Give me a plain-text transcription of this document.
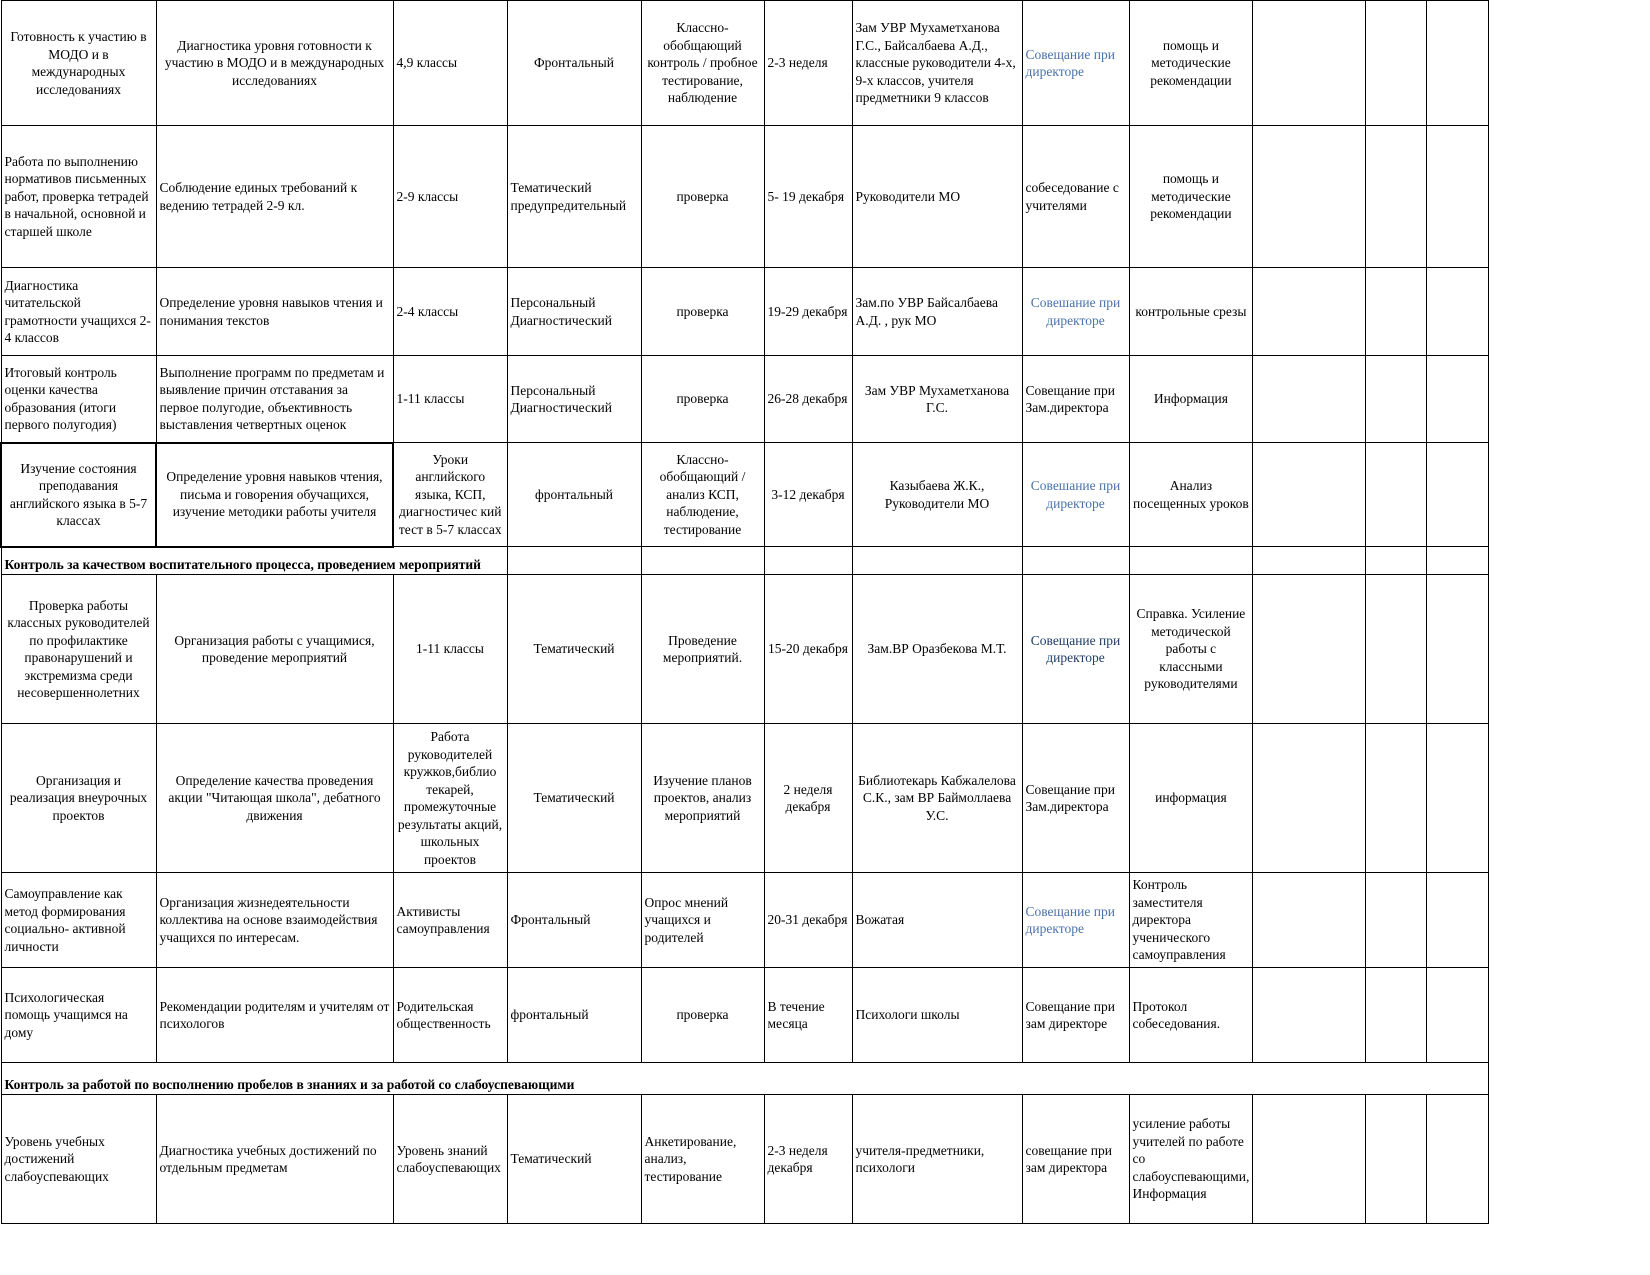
Готовность к участию в МОДО и в международных исследованиях	Диагностика уровня готовности к участию в МОДО и в международных исследованиях	4,9 классы	Фронтальный	Классно-обобщающий контроль / пробное тестирование, наблюдение	2-3 неделя	Зам УВР Мухаметханова Г.С., Байсалбаева А.Д., классные руководители 4-х, 9-х классов, учителя предметники 9 классов	Совещание при директоре	помощь и методические рекомендации			
Работа по выполнению нормативов письменных работ, проверка тетрадей в начальной, основной и старшей школе	Соблюдение единых требований к ведению тетрадей 2-9 кл.	2-9 классы	Тематический предупредительный	проверка	5- 19 декабря	Руководители МО	собеседование с учителями	помощь и методические рекомендации			
Диагностика читательской грамотности учащихся 2-4 классов	Определение уровня навыков чтения и понимания текстов	2-4 классы	Персональный Диагностический	проверка	19-29 декабря	Зам.по УВР Байсалбаева А.Д. , рук МО	Совешание при директоре	контрольные срезы			
Итоговый контроль оценки качества образования (итоги первого полугодия)	Выполнение программ по предметам и выявление причин отставания за первое полугодие, объективность выставления четвертных оценок	1-11 классы	Персональный Диагностический	проверка	26-28 декабря	Зам УВР Мухаметханова Г.С.	Совещание при Зам.директора	Информация			
Изучение состояния преподавания английского языка в 5-7 классах	Определение уровня навыков чтения, письма и говорения обучащихся, изучение методики работы учителя	Уроки английского языка, КСП, диагностичес кий тест в 5-7 классах	фронтальный	Классно-обобщающий / анализ КСП, наблюдение, тестирование	3-12 декабря	Казыбаева Ж.К., Руководители МО	Совешание при директоре	Анализ посещенных уроков			
Контроль за качеством воспитательного процесса, проведением мероприятий											
Проверка работы классных руководителей по профилактике правонарушений и экстремизма среди несовершеннолетних	Организация работы с учащимися, проведение мероприятий	1-11 классы	Тематический	Проведение мероприятий.	15-20 декабря	Зам.ВР Оразбекова М.Т.	Совещание при директоре	Справка. Усиление методической работы с классными руководителями			
Организация и реализация внеурочных проектов	Определение качества проведения акции "Читающая школа", дебатного движения	Работа руководителей кружков,библио текарей, промежуточные результаты акций, школьных проектов	Тематический	Изучение планов проектов, анализ мероприятий	2 неделя декабря	Библиотекарь Кабжалелова С.К., зам ВР Баймоллаева У.С.	Совещание при Зам.директора	информация			
Самоуправление как метод формирования социально- активной личности	Организация жизнедеятельности коллектива на основе взаимодействия учащихся по интересам.	Активисты самоуправления	Фронтальный	Опрос мнений учащихся и родителей	20-31 декабря	Вожатая	Совещание при директоре	Контроль заместителя директора ученического самоуправления			
Психологическая помощь учащимся на дому	Рекомендации родителям и учителям от психологов	Родительская общественность	фронтальный	проверка	В течение месяца	Психологи школы	Совещание при зам директоре	Протокол собеседования.			
Контроль за работой по восполнению пробелов в знаниях и за работой со слабоуспевающими											
Уровень учебных достижений слабоуспевающих	Диагностика учебных достижений по отдельным предметам	Уровень знаний слабоуспевающих	Тематический	Анкетирование, анализ, тестирование	2-3 неделя декабря	учителя-предметники, психологи	совещание при зам директора	усиление работы учителей по работе со слабоуспевающими, Информация			
